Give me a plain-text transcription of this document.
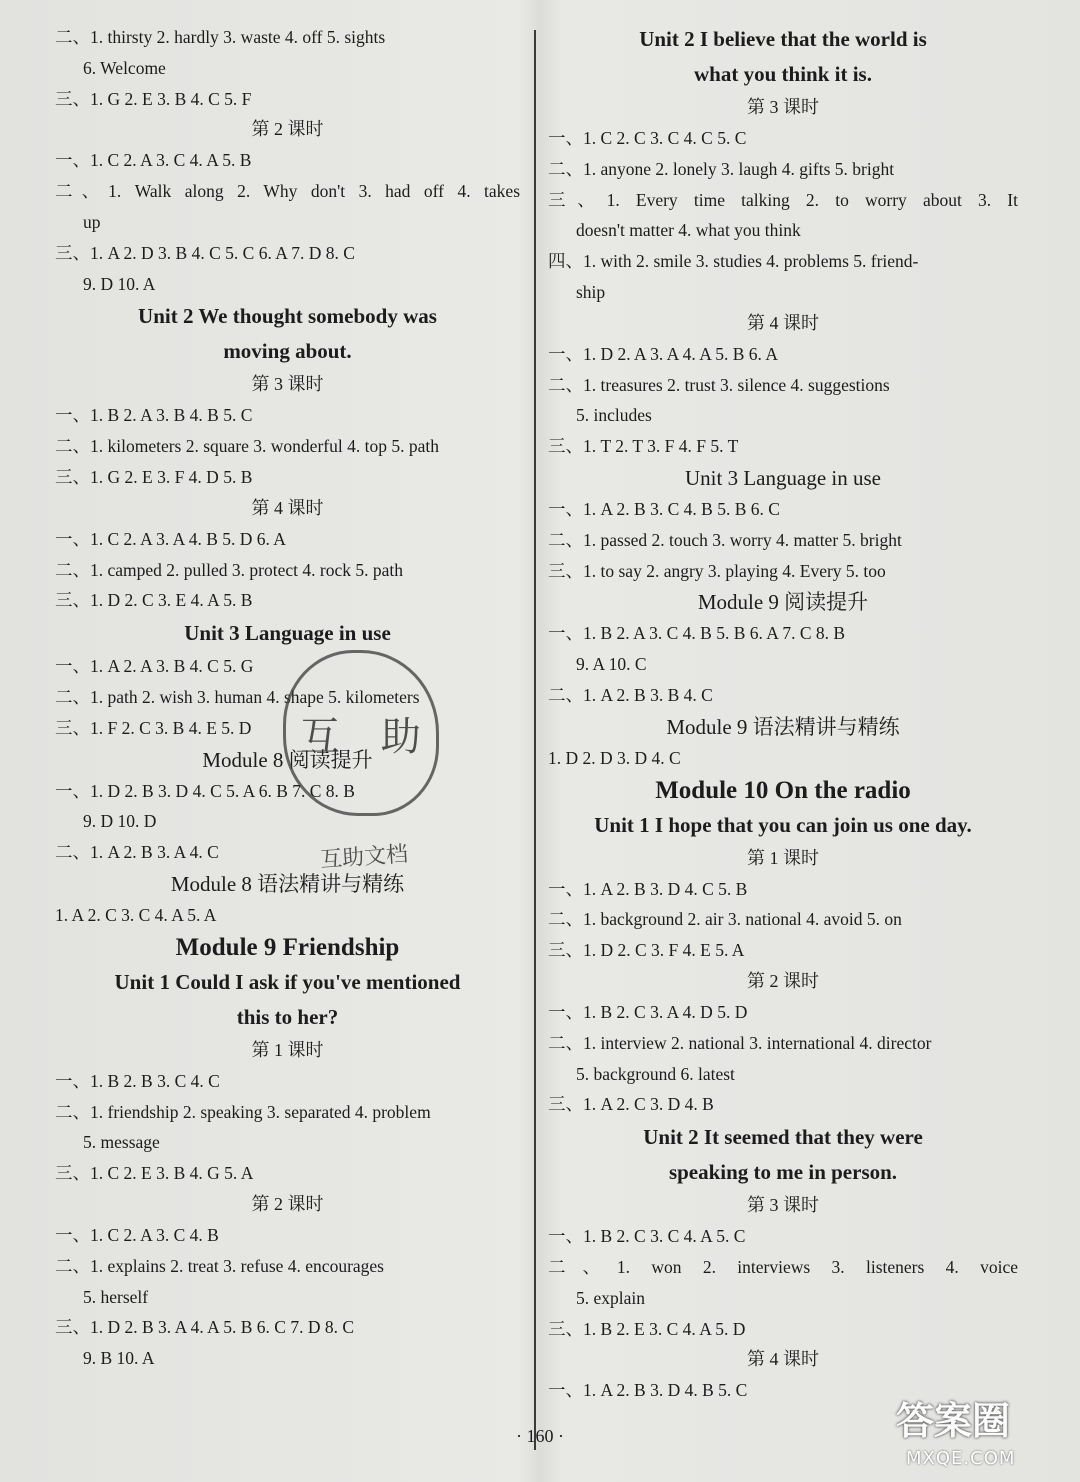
二、1. thirsty 2. hardly 3. waste 4. off 5. sights
6. Welcome
三、1. G 2. E 3. B 4. C 5. F
第 2 课时
一、1. C 2. A 3. C 4. A 5. B
二、1. Walk along 2. Why don't 3. had off 4. takes
up
三、1. A 2. D 3. B 4. C 5. C 6. A 7. D 8. C
9. D 10. A
Unit 2 We thought somebody was
moving about.
第 3 课时
一、1. B 2. A 3. B 4. B 5. C
二、1. kilometers 2. square 3. wonderful 4. top 5. path
三、1. G 2. E 3. F 4. D 5. B
第 4 课时
一、1. C 2. A 3. A 4. B 5. D 6. A
二、1. camped 2. pulled 3. protect 4. rock 5. path
三、1. D 2. C 3. E 4. A 5. B
Unit 3 Language in use
一、1. A 2. A 3. B 4. C 5. G
二、1. path 2. wish 3. human 4. shape 5. kilometers
三、1. F 2. C 3. B 4. E 5. D
Module 8 阅读提升
一、1. D 2. B 3. D 4. C 5. A 6. B 7. C 8. B
9. D 10. D
二、1. A 2. B 3. A 4. C
Module 8 语法精讲与精练
1. A 2. C 3. C 4. A 5. A
Module 9 Friendship
Unit 1 Could I ask if you've mentioned
this to her?
第 1 课时
一、1. B 2. B 3. C 4. C
二、1. friendship 2. speaking 3. separated 4. problem
5. message
三、1. C 2. E 3. B 4. G 5. A
第 2 课时
一、1. C 2. A 3. C 4. B
二、1. explains 2. treat 3. refuse 4. encourages
5. herself
三、1. D 2. B 3. A 4. A 5. B 6. C 7. D 8. C
9. B 10. A
Unit 2 I believe that the world is
what you think it is.
第 3 课时
一、1. C 2. C 3. C 4. C 5. C
二、1. anyone 2. lonely 3. laugh 4. gifts 5. bright
三、1. Every time talking 2. to worry about 3. It
doesn't matter 4. what you think
四、1. with 2. smile 3. studies 4. problems 5. friend-
ship
第 4 课时
一、1. D 2. A 3. A 4. A 5. B 6. A
二、1. treasures 2. trust 3. silence 4. suggestions
5. includes
三、1. T 2. T 3. F 4. F 5. T
Unit 3 Language in use
一、1. A 2. B 3. C 4. B 5. B 6. C
二、1. passed 2. touch 3. worry 4. matter 5. bright
三、1. to say 2. angry 3. playing 4. Every 5. too
Module 9 阅读提升
一、1. B 2. A 3. C 4. B 5. B 6. A 7. C 8. B
9. A 10. C
二、1. A 2. B 3. B 4. C
Module 9 语法精讲与精练
1. D 2. D 3. D 4. C
Module 10 On the radio
Unit 1 I hope that you can join us one day.
第 1 课时
一、1. A 2. B 3. D 4. C 5. B
二、1. background 2. air 3. national 4. avoid 5. on
三、1. D 2. C 3. F 4. E 5. A
第 2 课时
一、1. B 2. C 3. A 4. D 5. D
二、1. interview 2. national 3. international 4. director
5. background 6. latest
三、1. A 2. C 3. D 4. B
Unit 2 It seemed that they were
speaking to me in person.
第 3 课时
一、1. B 2. C 3. C 4. A 5. C
二、1. won 2. interviews 3. listeners 4. voice
5. explain
三、1. B 2. E 3. C 4. A 5. D
第 4 课时
一、1. A 2. B 3. D 4. B 5. C
互 助
互助文档
· 160 ·	答案圈
MXQE.COM
